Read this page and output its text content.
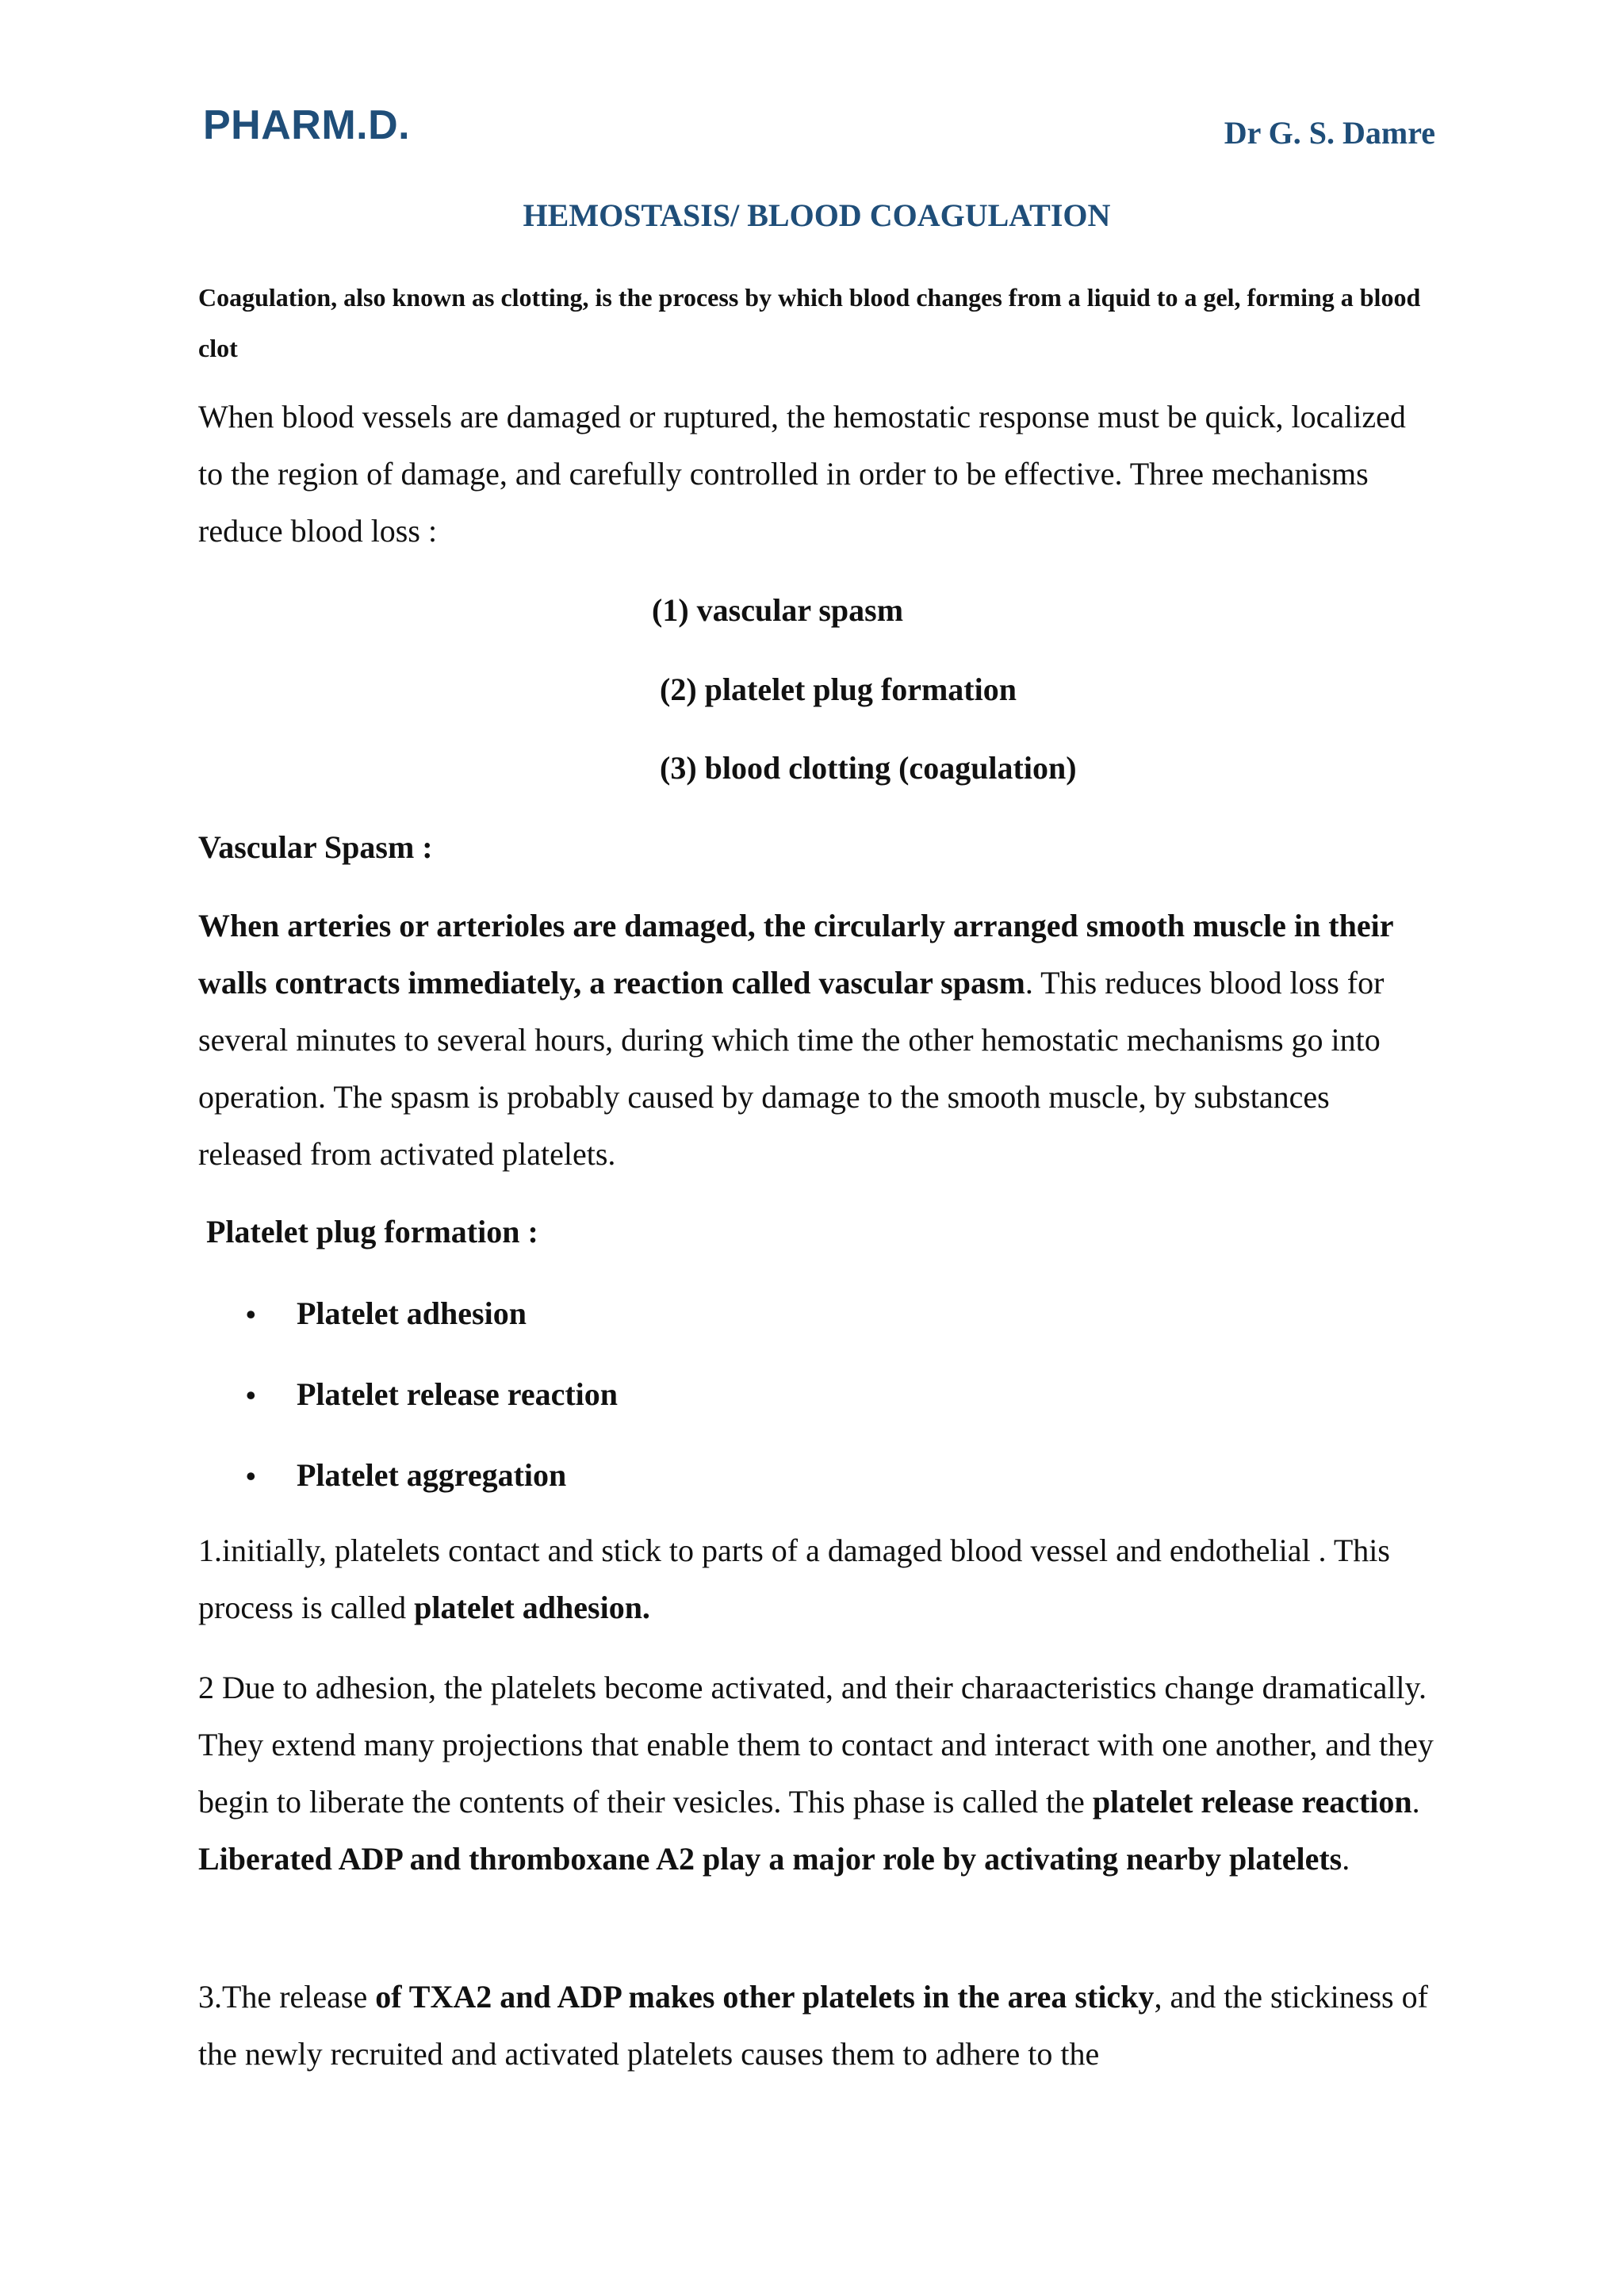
PHARM.D.	Dr G. S. Damre
HEMOSTASIS/ BLOOD COAGULATION
Coagulation, also known as clotting, is the process by which blood changes from a liquid to a gel, forming a blood clot

When blood vessels are damaged or ruptured, the hemostatic response must be quick, localized to the region of damage, and carefully controlled in order to be effective. Three mechanisms reduce blood loss :

(1) vascular spasm
(2) platelet plug formation
(3) blood clotting (coagulation)
Vascular Spasm :

When arteries or arterioles are damaged, the circularly arranged smooth muscle in their walls contracts immediately, a reaction called vascular spasm. This reduces blood loss for several minutes to several hours, during which time the other hemostatic mechanisms go into operation. The spasm is probably caused by damage to the smooth muscle, by substances released from activated platelets.

Platelet plug formation :
• Platelet adhesion
• Platelet release reaction
• Platelet aggregation

1.initially, platelets contact and stick to parts of a damaged blood vessel and endothelial . This process is called platelet adhesion.

2 Due to adhesion, the platelets become activated, and their charaacteristics change dramatically. They extend many projections that enable them to contact and interact with one another, and they begin to liberate the contents of their vesicles. This phase is called the platelet release reaction. Liberated ADP and thromboxane A2 play a major role by activating nearby platelets.

3.The release of TXA2 and ADP makes other platelets in the area sticky, and the stickiness of the newly recruited and activated platelets causes them to adhere to the
